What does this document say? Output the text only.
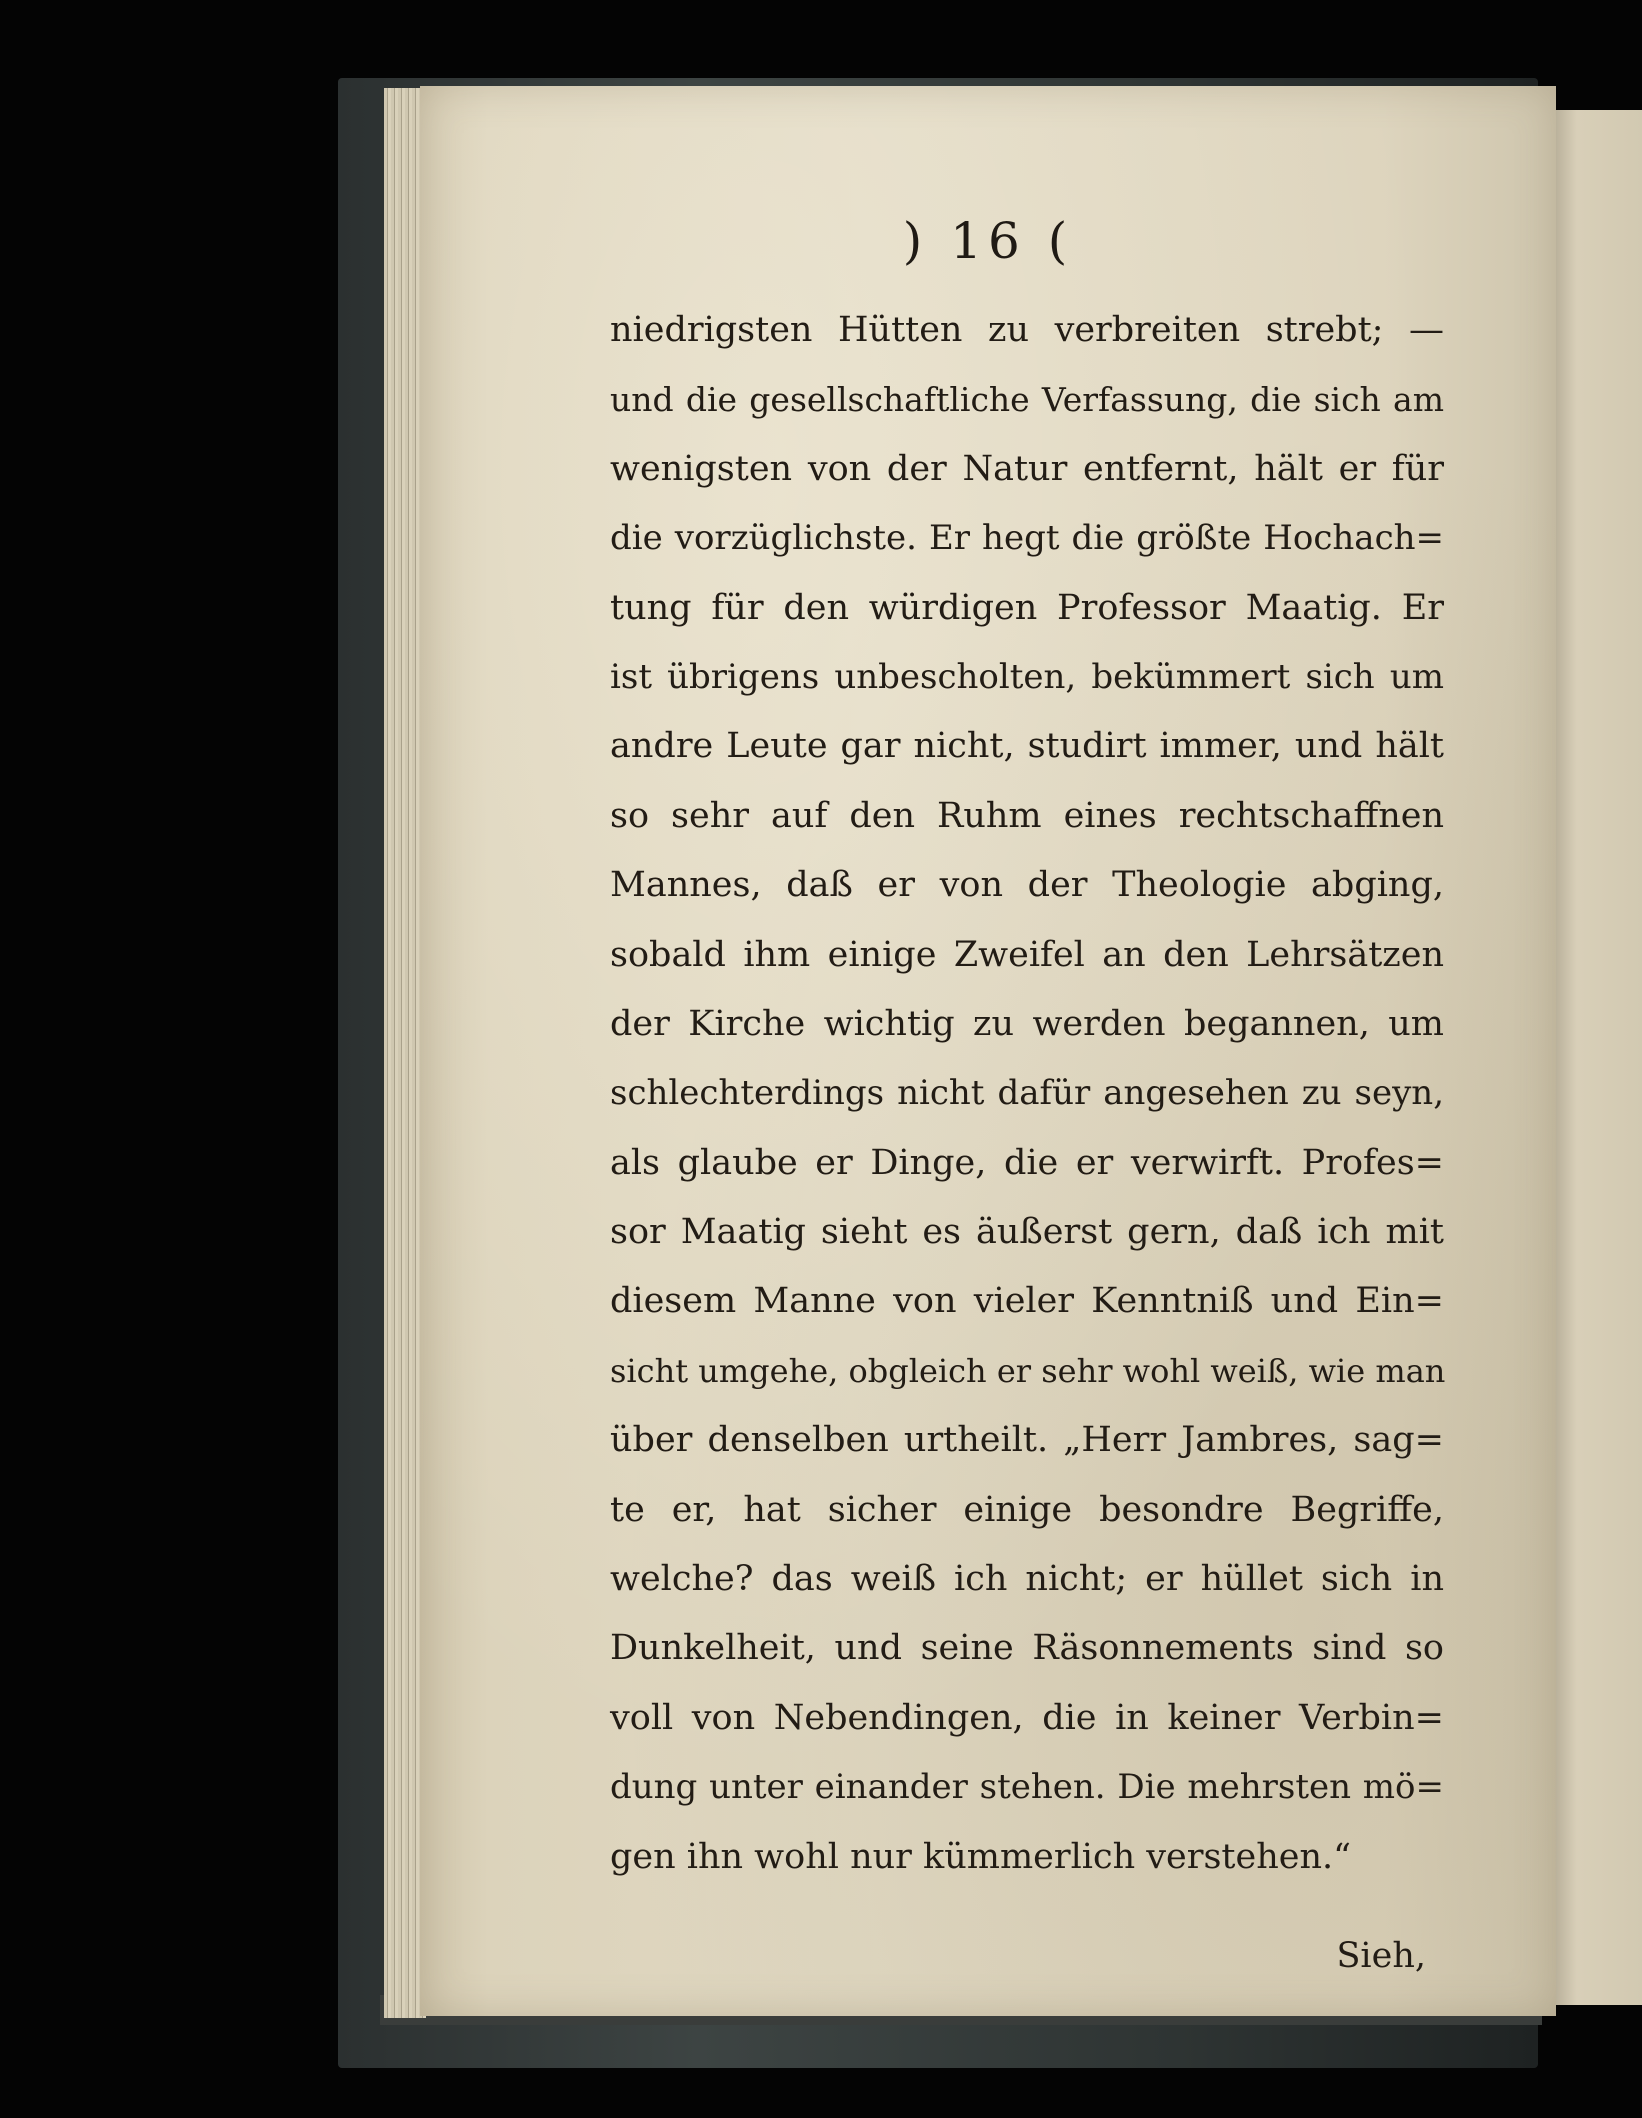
) 16 (
niedrigsten Hütten zu verbreiten strebt; —
und die gesellschaftliche Verfassung, die sich am
wenigsten von der Natur entfernt, hält er für
die vorzüglichste. Er hegt die größte Hochach=
tung für den würdigen Professor Maatig. Er
ist übrigens unbescholten, bekümmert sich um
andre Leute gar nicht, studirt immer, und hält
so sehr auf den Ruhm eines rechtschaffnen
Mannes, daß er von der Theologie abging,
sobald ihm einige Zweifel an den Lehrsätzen
der Kirche wichtig zu werden begannen, um
schlechterdings nicht dafür angesehen zu seyn,
als glaube er Dinge, die er verwirft. Profes=
sor Maatig sieht es äußerst gern, daß ich mit
diesem Manne von vieler Kenntniß und Ein=
sicht umgehe, obgleich er sehr wohl weiß, wie man
über denselben urtheilt. „Herr Jambres, sag=
te er, hat sicher einige besondre Begriffe,
welche? das weiß ich nicht; er hüllet sich in
Dunkelheit, und seine Räsonnements sind so
voll von Nebendingen, die in keiner Verbin=
dung unter einander stehen. Die mehrsten mö=
gen ihn wohl nur kümmerlich verstehen.“
Sieh,
